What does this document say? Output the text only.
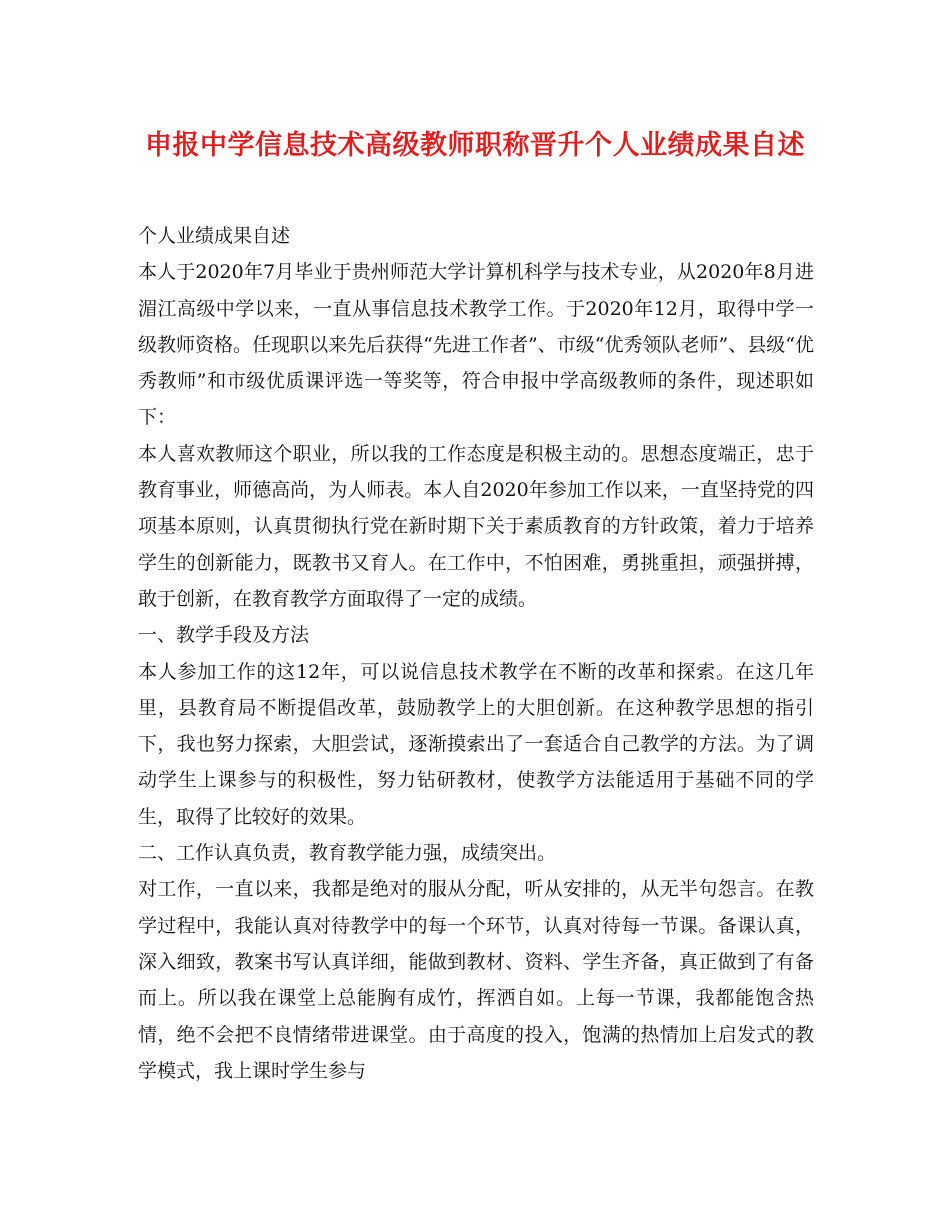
申报中学信息技术高级教师职称晋升个人业绩成果自述

个人业绩成果自述

本人于2020年7月毕业于贵州师范大学计算机科学与技术专业，从2020年8月进湄江高级中学以来，一直从事信息技术教学工作。于2020年12月，取得中学一级教师资格。任现职以来先后获得“先进工作者”、市级“优秀领队老师”、县级“优秀教师”和市级优质课评选一等奖等，符合申报中学高级教师的条件，现述职如下：

本人喜欢教师这个职业，所以我的工作态度是积极主动的。思想态度端正，忠于教育事业，师德高尚，为人师表。本人自2020年参加工作以来，一直坚持党的四项基本原则，认真贯彻执行党在新时期下关于素质教育的方针政策，着力于培养学生的创新能力，既教书又育人。在工作中，不怕困难，勇挑重担，顽强拼搏，敢于创新，在教育教学方面取得了一定的成绩。

一、教学手段及方法

本人参加工作的这12年，可以说信息技术教学在不断的改革和探索。在这几年里，县教育局不断提倡改革，鼓励教学上的大胆创新。在这种教学思想的指引下，我也努力探索，大胆尝试，逐渐摸索出了一套适合自己教学的方法。为了调动学生上课参与的积极性，努力钻研教材，使教学方法能适用于基础不同的学生，取得了比较好的效果。

二、工作认真负责，教育教学能力强，成绩突出。

对工作，一直以来，我都是绝对的服从分配，听从安排的，从无半句怨言。在教学过程中，我能认真对待教学中的每一个环节，认真对待每一节课。备课认真，深入细致，教案书写认真详细，能做到教材、资料、学生齐备，真正做到了有备而上。所以我在课堂上总能胸有成竹，挥洒自如。上每一节课，我都能饱含热情，绝不会把不良情绪带进课堂。由于高度的投入，饱满的热情加上启发式的教学模式，我上课时学生参与
